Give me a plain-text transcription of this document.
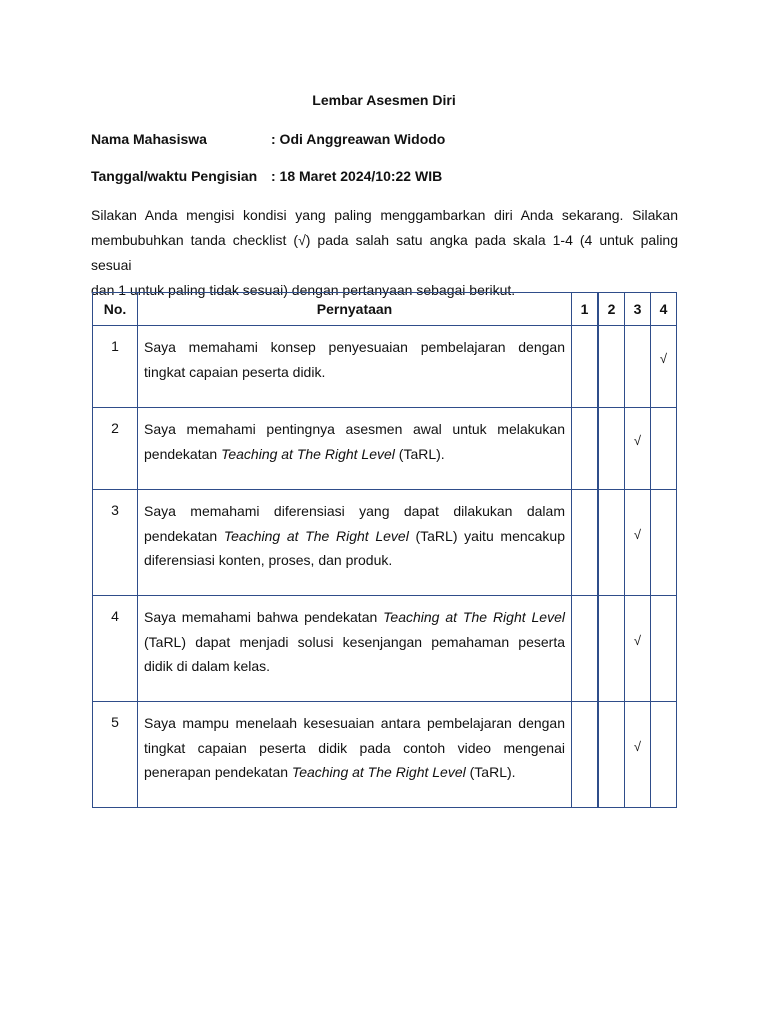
Lembar Asesmen Diri
Nama Mahasiswa	: Odi Anggreawan Widodo
Tanggal/waktu Pengisian : 18 Maret 2024/10:22 WIB
Silakan Anda mengisi kondisi yang paling menggambarkan diri Anda sekarang. Silakan
membubuhkan tanda checklist (√) pada salah satu angka pada skala 1-4 (4 untuk paling sesuai
dan 1 untuk paling tidak sesuai) dengan pertanyaan sebagai berikut.
No.	Pernyataan	1	2	3	4
1	Saya memahami konsep penyesuaian pembelajaran dengan tingkat capaian peserta didik.				√
2	Saya memahami pentingnya asesmen awal untuk melakukan pendekatan Teaching at The Right Level (TaRL).			√	
3	Saya memahami diferensiasi yang dapat dilakukan dalam pendekatan Teaching at The Right Level (TaRL) yaitu mencakup diferensiasi konten, proses, dan produk.			√	
4	Saya memahami bahwa pendekatan Teaching at The Right Level (TaRL) dapat menjadi solusi kesenjangan pemahaman peserta didik di dalam kelas.			√	
5	Saya mampu menelaah kesesuaian antara pembelajaran dengan tingkat capaian peserta didik pada contoh video mengenai penerapan pendekatan Teaching at The Right Level (TaRL).			√	
